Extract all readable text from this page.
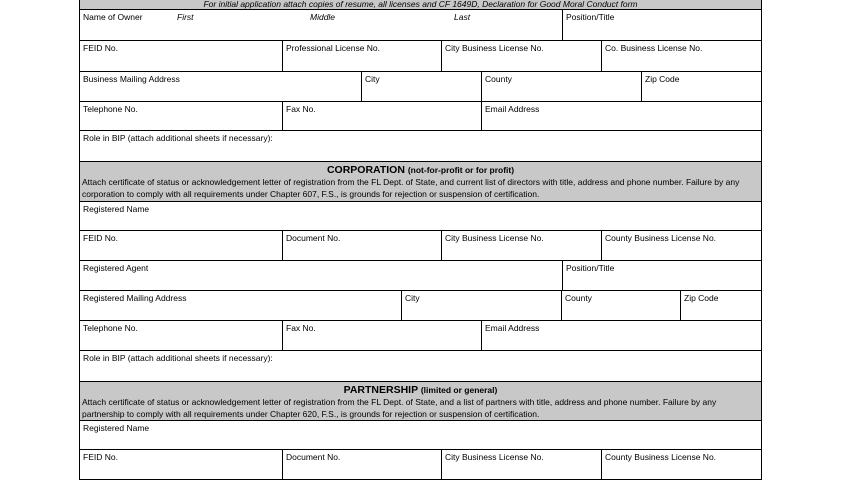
For initial application attach copies of resume, all licenses and CF 1649D, Declaration for Good Moral Conduct form
Name of Owner	First	Middle	Last	Position/Title
FEID No.	Professional License No.	City Business License No.	Co. Business License No.
Business Mailing Address	City	County	Zip Code
Telephone No.	Fax No.	Email Address
Role in BIP (attach additional sheets if necessary):
CORPORATION (not-for-profit or for profit)
Attach certificate of status or acknowledgement letter of registration from the FL Dept. of State, and current list of directors with title, address and phone number. Failure by any corporation to comply with all requirements under Chapter 607, F.S., is grounds for rejection or suspension of certification.
Registered Name
FEID No.	Document No.	City Business License No.	County Business License No.
Registered Agent	Position/Title
Registered Mailing Address	City	County	Zip Code
Telephone No.	Fax No.	Email Address
Role in BIP (attach additional sheets if necessary):
PARTNERSHIP (limited or general)
Attach certificate of status or acknowledgement letter of registration from the FL Dept. of State, and a list of partners with title, address and phone number. Failure by any partnership to comply with all requirements under Chapter 620, F.S., is grounds for rejection or suspension of certification.
Registered Name
FEID No.	Document No.	City Business License No.	County Business License No.
